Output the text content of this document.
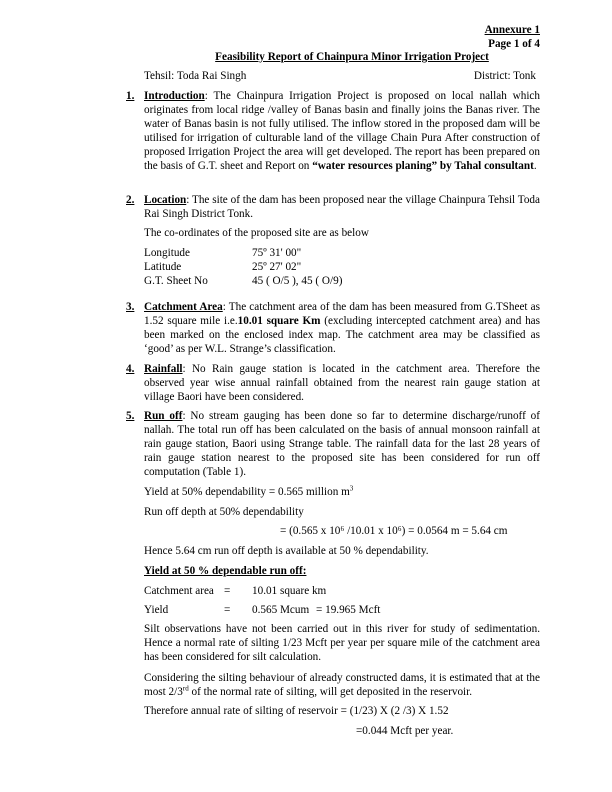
Annexure 1
Page 1 of 4
Feasibility Report of Chainpura Minor Irrigation Project
Tehsil: Toda Rai Singh	District: Tonk
1. Introduction: The Chainpura Irrigation Project is proposed on local nallah which originates from local ridge /valley of Banas basin and finally joins the Banas river. The water of Banas basin is not fully utilised. The inflow stored in the proposed dam will be utilised for irrigation of culturable land of the village Chain Pura After construction of proposed Irrigation Project the area will get developed. The report has been prepared on the basis of G.T. sheet and Report on “water resources planing” by Tahal consultant.
2. Location: The site of the dam has been proposed near the village Chainpura Tehsil Toda Rai Singh District Tonk.
The co-ordinates of the proposed site are as below
Longitude	75º 31' 00"
Latitude	25º 27' 02"
G.T. Sheet No	45 ( O/5 ), 45 ( O/9)
3. Catchment Area: The catchment area of the dam has been measured from G.TSheet as 1.52 square mile i.e.10.01 square Km (excluding intercepted catchment area) and has been marked on the enclosed index map. The catchment area may be classified as ‘good’ as per W.L. Strange’s classification.
4. Rainfall: No Rain gauge station is located in the catchment area. Therefore the observed year wise annual rainfall obtained from the nearest rain gauge station at village Baori have been considered.
5. Run off: No stream gauging has been done so far to determine discharge/runoff of nallah. The total run off has been calculated on the basis of annual monsoon rainfall at rain gauge station, Baori using Strange table. The rainfall data for the last 28 years of rain gauge station nearest to the proposed site has been considered for run off computation (Table 1).
Yield at 50% dependability = 0.565 million $m^3$
Run off depth at 50% dependability
= (0.565 x 10⁶ /10.01 x 10⁶) = 0.0564 m = 5.64 cm
Hence 5.64 cm run off depth is available at 50 % dependability.
Yield at 50 % dependable run off:
Catchment area = 10.01 square km
Yield	= 0.565 Mcum = 19.965 Mcft
Silt observations have not been carried out in this river for study of sedimentation. Hence a normal rate of silting 1/23 Mcft per year per square mile of the catchment area has been considered for silt calculation.
Considering the silting behaviour of already constructed dams, it is estimated that at the most 2/3rd of the normal rate of silting, will get deposited in the reservoir.
Therefore annual rate of silting of reservoir = (1/23) X (2 /3) X 1.52
=0.044 Mcft per year.
